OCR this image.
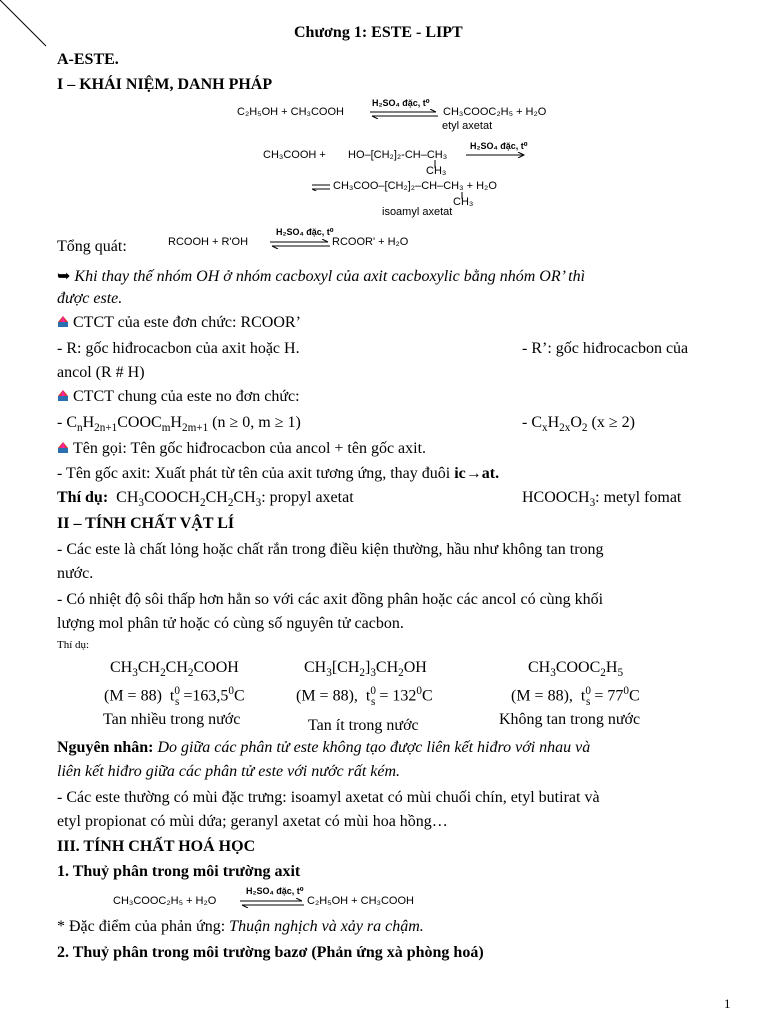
Chương 1: ESTE - LIPT
A-ESTE.
I – KHÁI NIỆM, DANH PHÁP
C₂H₅OH + CH₃COOH
H₂SO₄ đặc, t⁰
CH₃COOC₂H₅ + H₂O
etyl axetat
CH₃COOH + HO–[CH₂]₂-CH–CH₃
H₂SO₄ đặc, t⁰
CH₃
CH₃COO–[CH₂]₂–CH–CH₃ + H₂O
CH₃
isoamyl axetat
Tổng quát:	RCOOH + R'OH
H₂SO₄ đặc, t⁰
RCOOR' + H₂O
➥ Khi thay thế nhóm OH ở nhóm cacboxyl của axit cacboxylic bằng nhóm OR’ thì
được este.
CTCT của este đơn chức: RCOOR’
- R: gốc hiđrocacbon của axit hoặc H.	- R’: gốc hiđrocacbon của
ancol (R # H)
CTCT chung của este no đơn chức:
- $C_nH_{2n+1}COOC_mH_{2m+1}$ (n ≥ 0, m ≥ 1)	- $C_xH_{2x}O_2$ (x ≥ 2)
Tên gọi: Tên gốc hiđrocacbon của ancol + tên gốc axit.
- Tên gốc axit: Xuất phát từ tên của axit tương ứng, thay đuôi ic→at.
Thí dụ:  $CH_3COOCH_2CH_2CH_3$: propyl axetat	$HCOOCH_3$: metyl fomat
II – TÍNH CHẤT VẬT LÍ
- Các este là chất lỏng hoặc chất rắn trong điều kiện thường, hầu như không tan trong
nước.
- Có nhiệt độ sôi thấp hơn hẳn so với các axit đồng phân hoặc các ancol có cùng khối
lượng mol phân tử hoặc có cùng số nguyên tử cacbon.
Thí dụ:
$CH_3CH_2CH_2COOH$	$CH_3[CH_2]_3CH_2OH$	$CH_3COOC_2H_5$
(M = 88)  $t^0_s =163,5^0C$	(M = 88),  $t^0_s = 132^0C$	(M = 88),  $t^0_s = 77^0C$
Tan nhiều trong nước	Tan ít trong nước	Không tan trong nước
Nguyên nhân: Do giữa các phân tử este không tạo được liên kết hiđro với nhau và
liên kết hiđro giữa các phân tử este với nước rất kém.
- Các este thường có mùi đặc trưng: isoamyl axetat có mùi chuối chín, etyl butirat và
etyl propionat có mùi dứa; geranyl axetat có mùi hoa hồng…
III. TÍNH CHẤT HOÁ HỌC
1. Thuỷ phân trong môi trường axit
CH₃COOC₂H₅ + H₂O
H₂SO₄ đặc, t⁰
C₂H₅OH + CH₃COOH
* Đặc điểm của phản ứng: Thuận nghịch và xảy ra chậm.
2. Thuỷ phân trong môi trường bazơ (Phản ứng xà phòng hoá)
1
